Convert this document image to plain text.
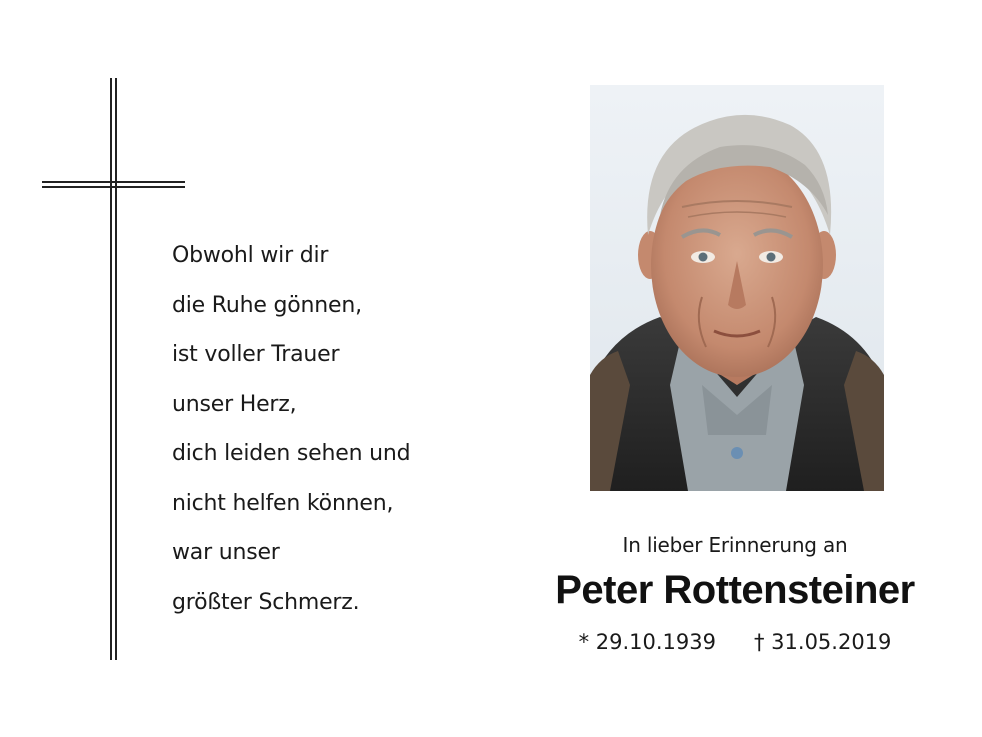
Obwohl wir dir
die Ruhe gönnen,
ist voller Trauer
unser Herz,
dich leiden sehen und
nicht helfen können,
war unser
größter Schmerz.
In lieber Erinnerung an
Peter Rottensteiner
* 29.10.1939 † 31.05.2019
